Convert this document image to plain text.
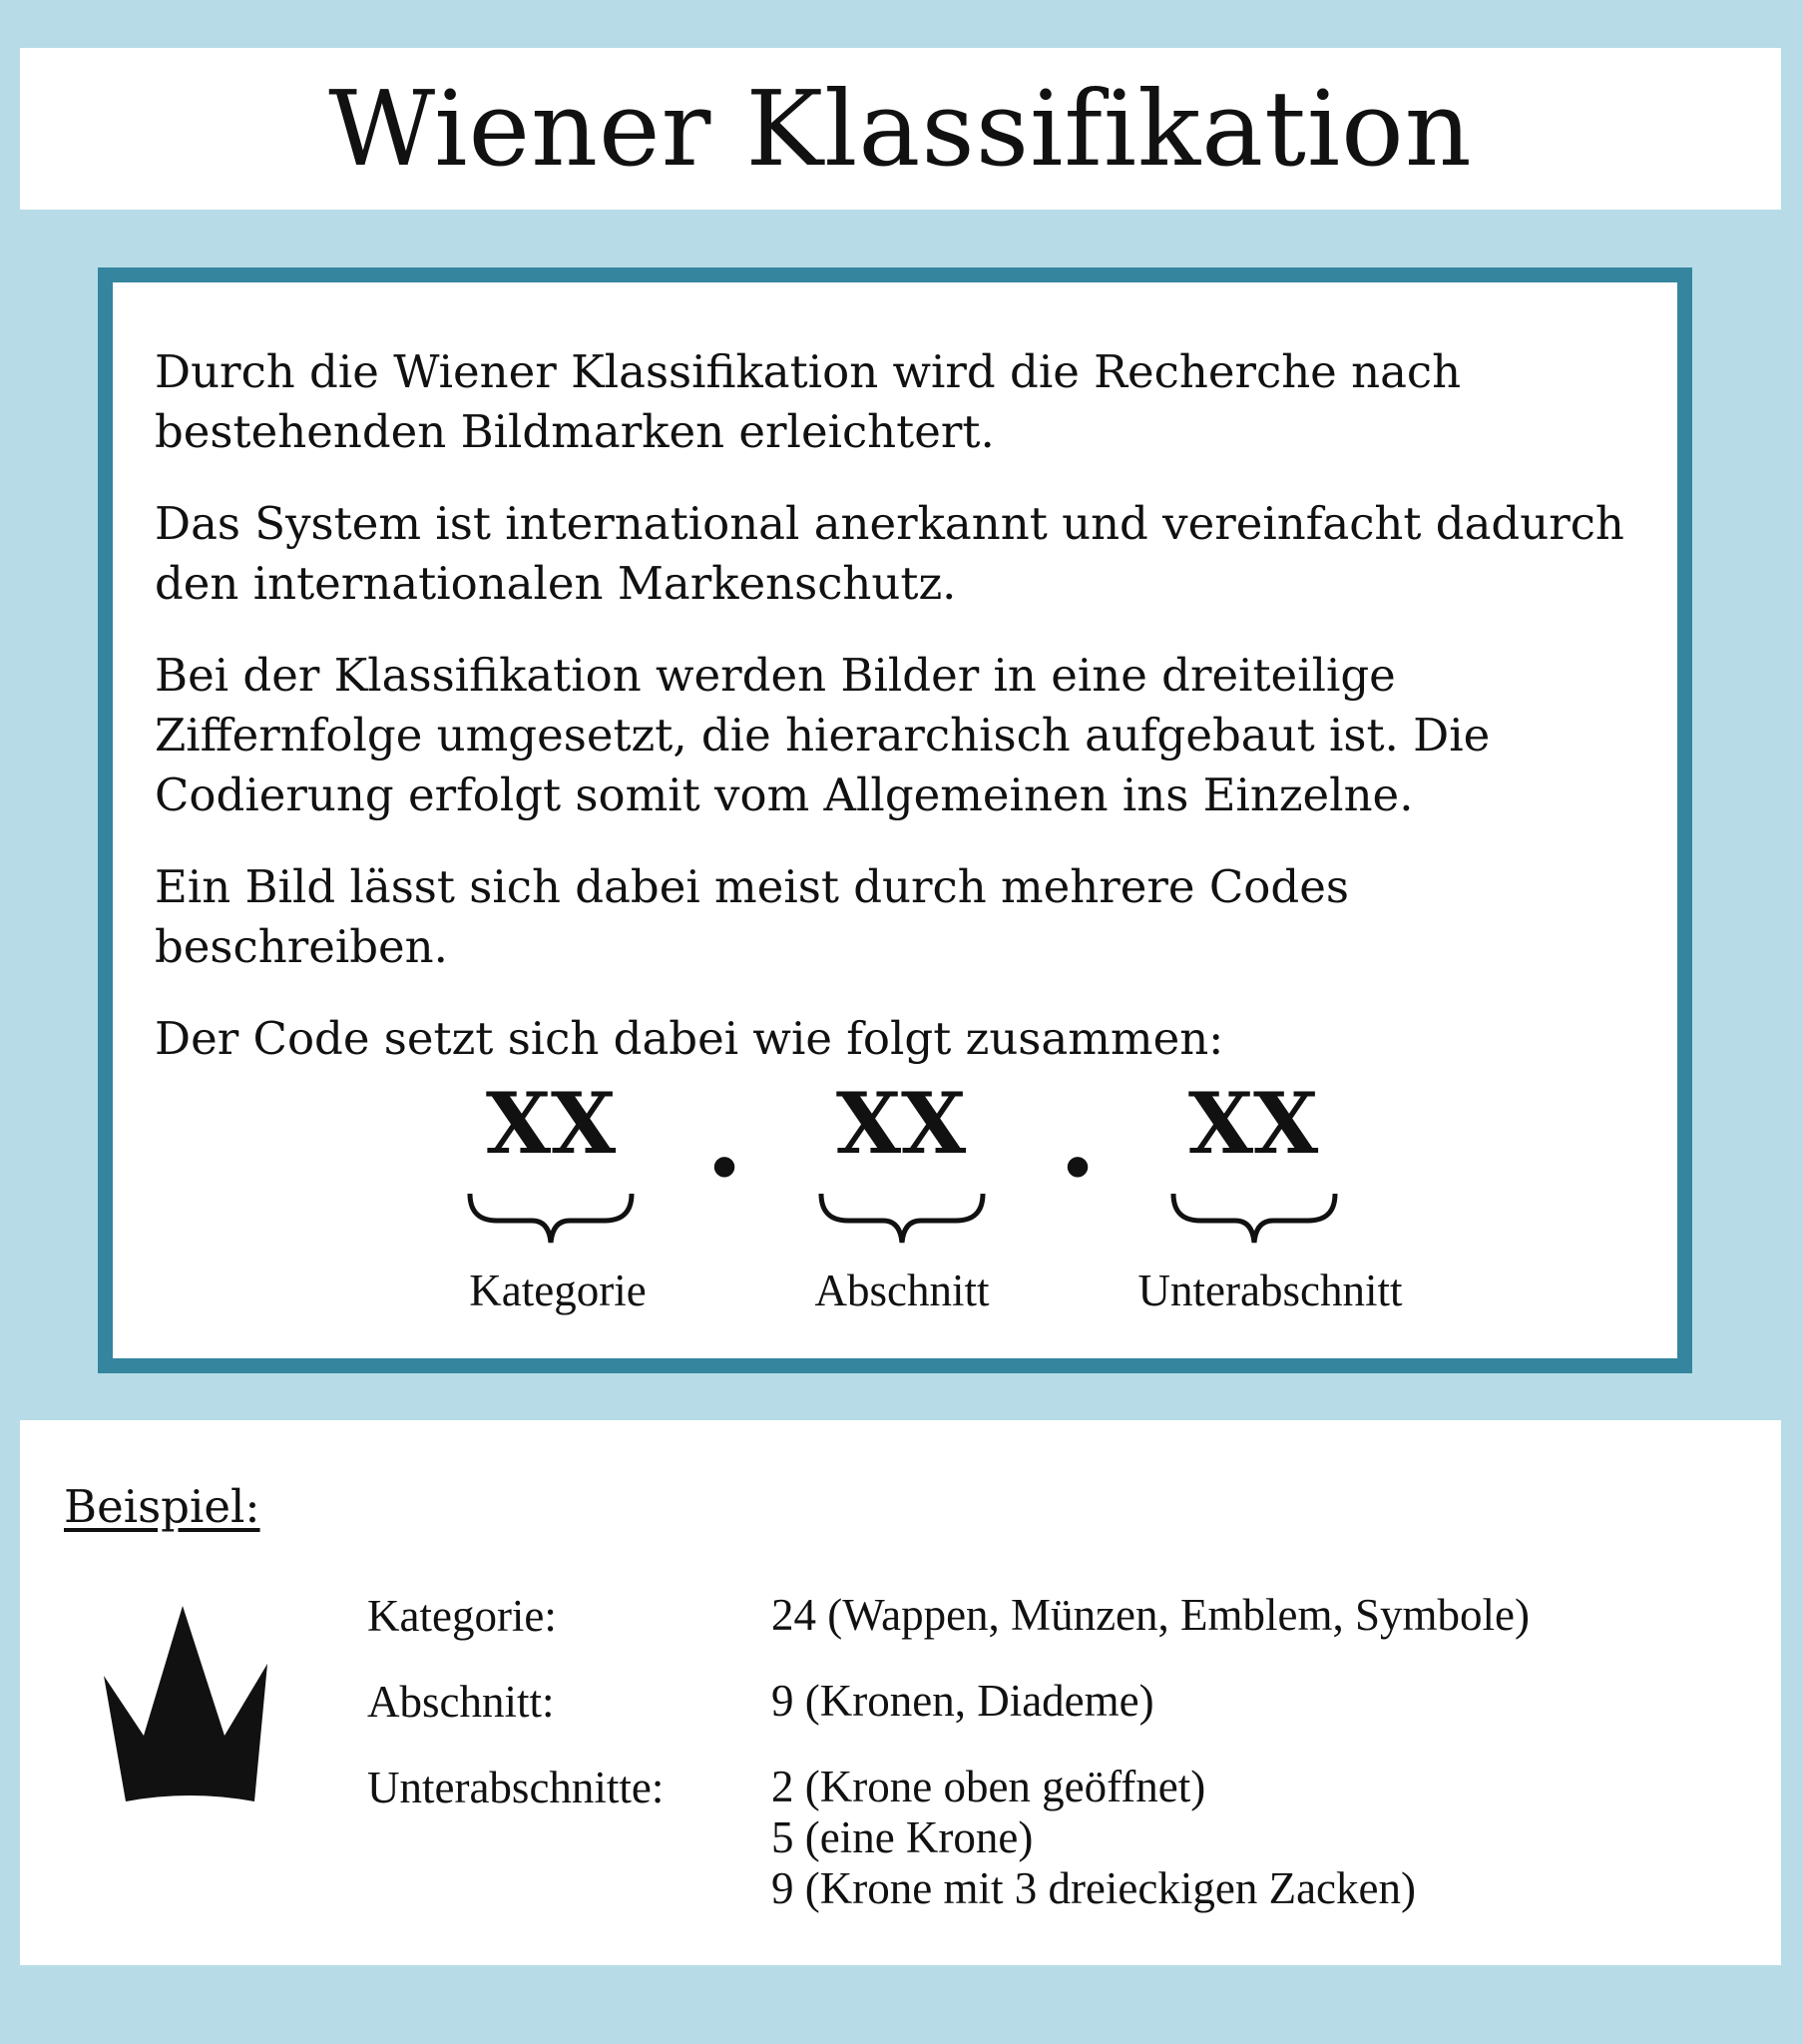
Wiener Klassifikation

Durch die Wiener Klassifikation wird die Recherche nach bestehenden Bildmarken erleichtert.

Das System ist international anerkannt und vereinfacht dadurch den internationalen Markenschutz.

Bei der Klassifikation werden Bilder in eine dreiteilige Ziffernfolge umgesetzt, die hierarchisch aufgebaut ist. Die Codierung erfolgt somit vom Allgemeinen ins Einzelne.

Ein Bild lässt sich dabei meist durch mehrere Codes beschreiben.

Der Code setzt sich dabei wie folgt zusammen:

XX	XX	XX
.	.
Kategorie	Abschnitt	Unterabschnitt
Beispiel:
Kategorie:	24 (Wappen, Münzen, Emblem, Symbole)
Abschnitt:	9 (Kronen, Diademe)
Unterabschnitte:	2 (Krone oben geöffnet)
5 (eine Krone)
9 (Krone mit 3 dreieckigen Zacken)
